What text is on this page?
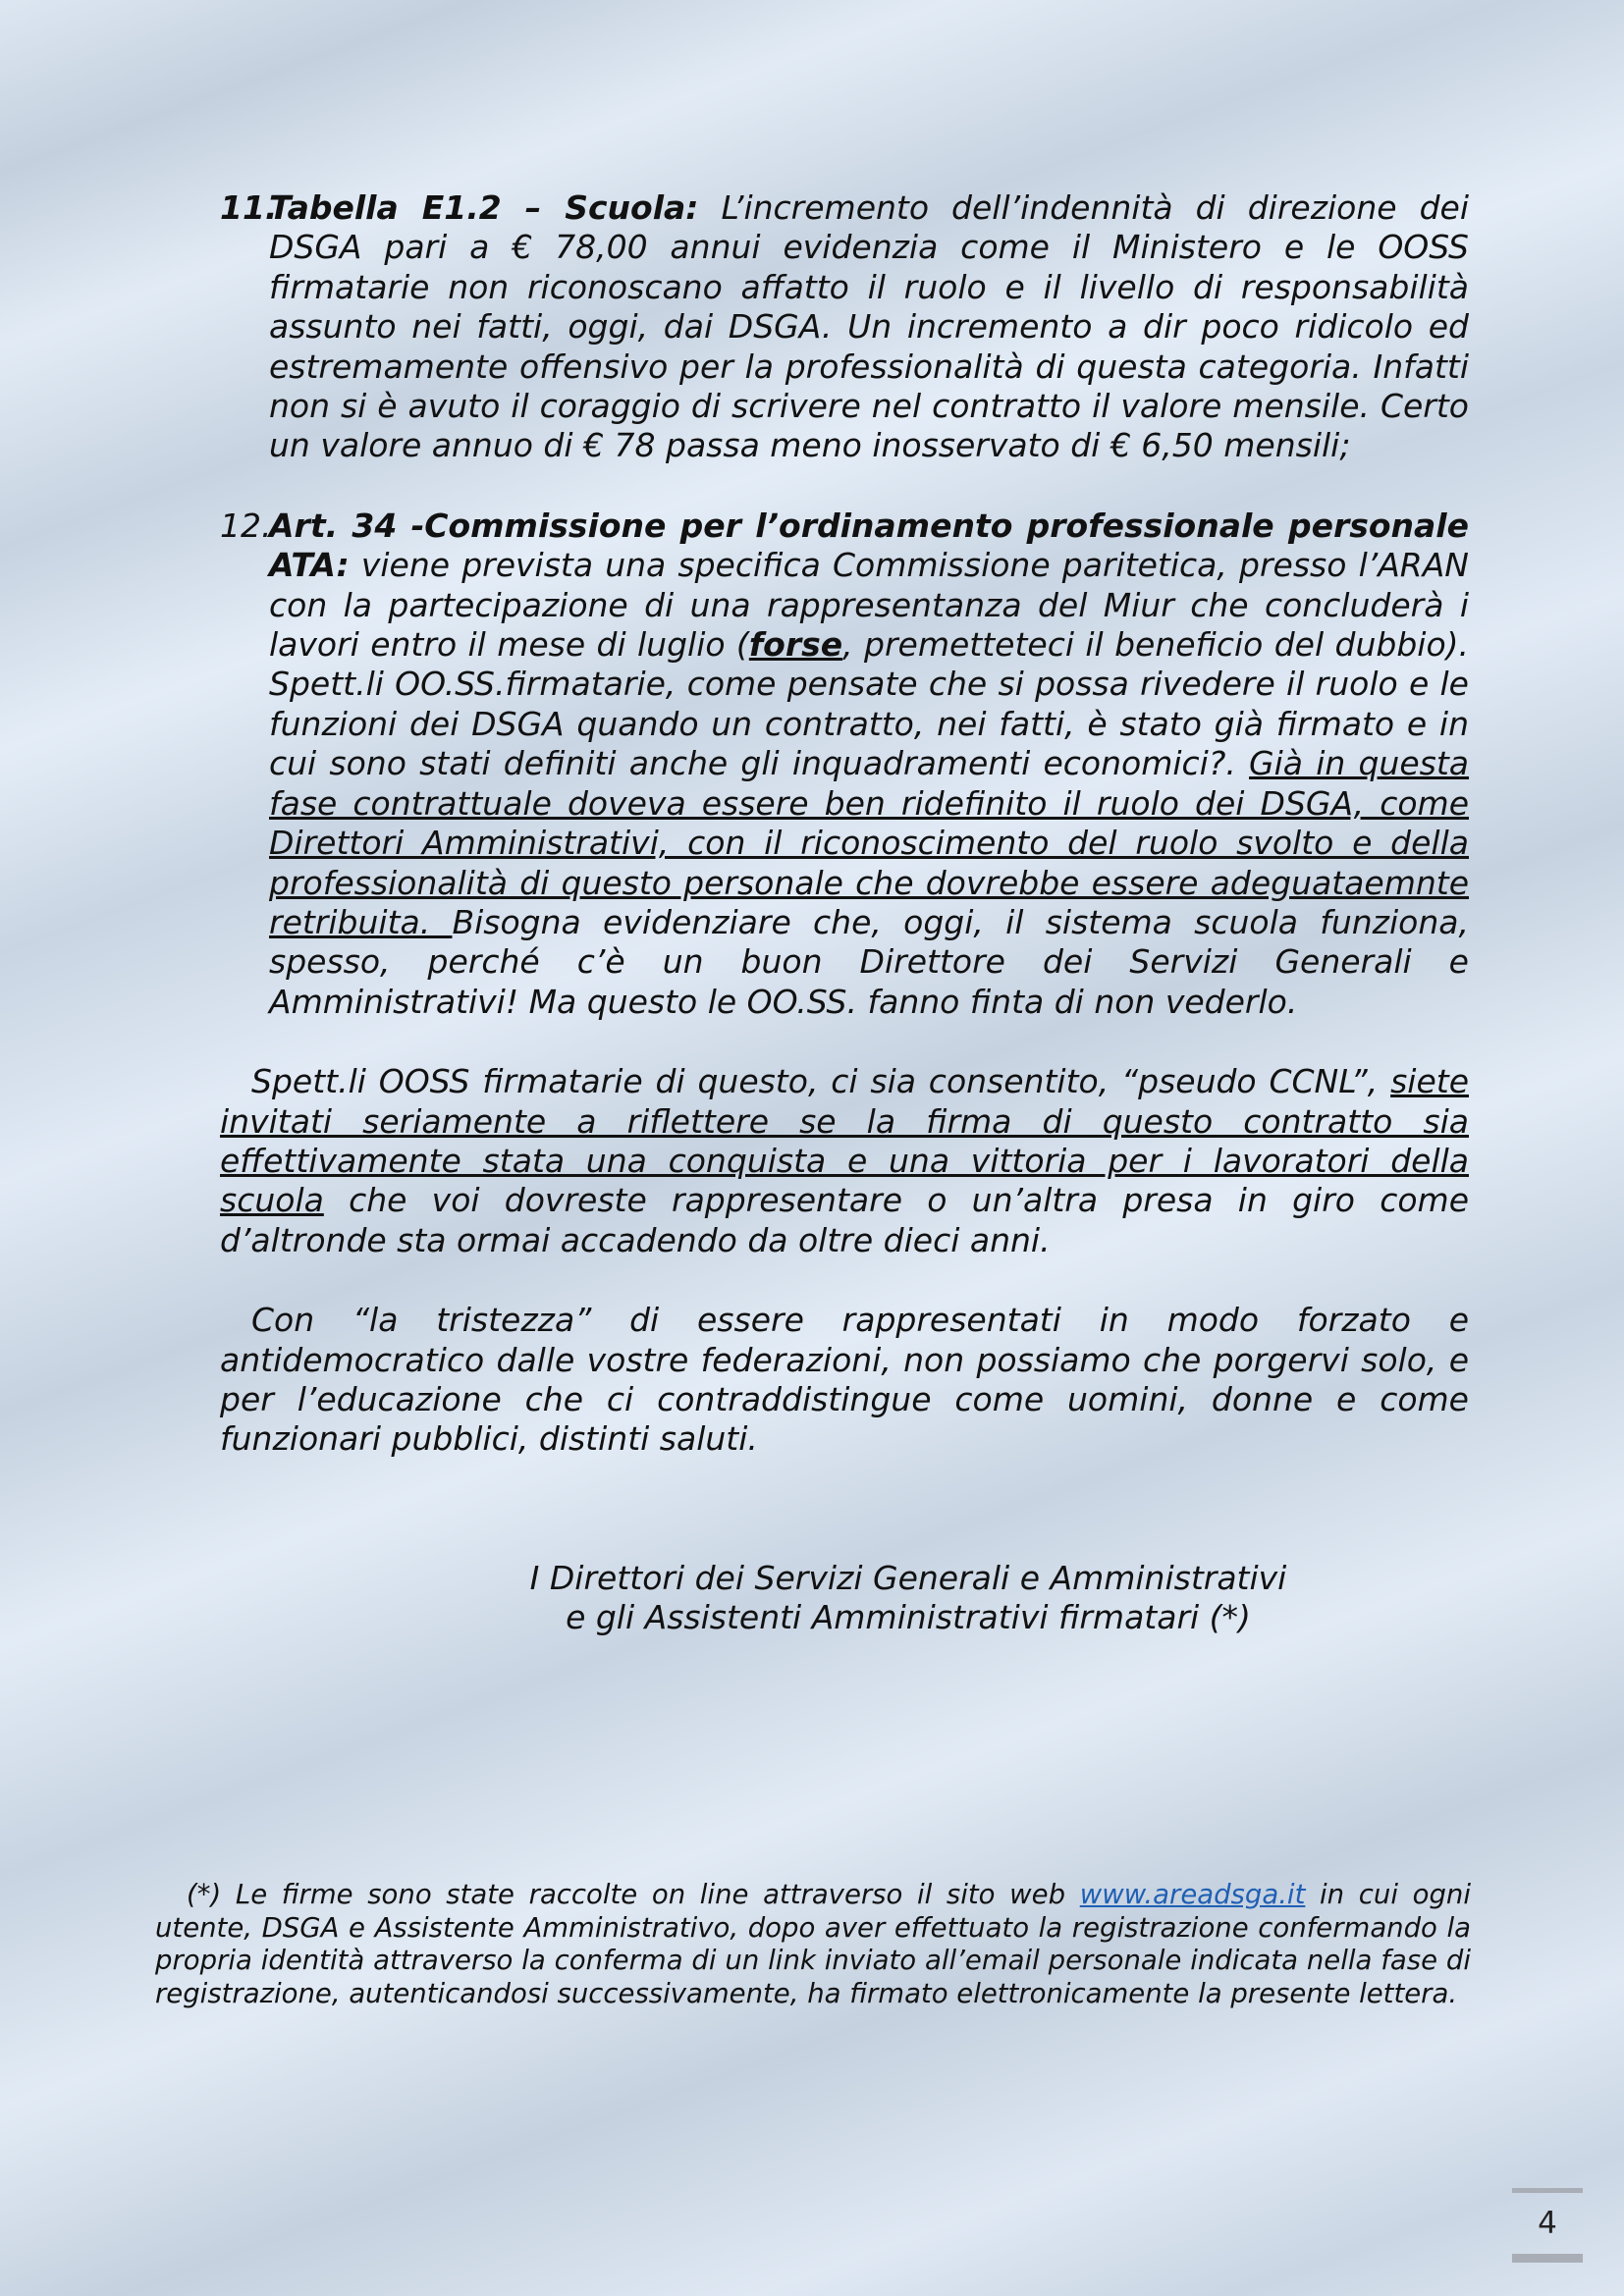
11.
Tabella E1.2 – Scuola: L’incremento dell’indennità di direzione dei DSGA pari a € 78,00 annui evidenzia come il Ministero e le OOSS firmatarie non riconoscano affatto il ruolo e il livello di responsabilità assunto nei fatti, oggi, dai DSGA. Un incremento a dir poco ridicolo ed estremamente offensivo per la professionalità di questa categoria. Infatti non si è avuto il coraggio di scrivere nel contratto il valore mensile. Certo un valore annuo di € 78 passa meno inosservato di € 6,50 mensili;
12.
Art. 34 -Commissione per l’ordinamento professionale personale ATA: viene prevista una specifica Commissione paritetica, presso l’ARAN con la partecipazione di una rappresentanza del Miur che concluderà i lavori entro il mese di luglio (forse, premetteteci il beneficio del dubbio). Spett.li OO.SS.firmatarie, come pensate che si possa rivedere il ruolo e le funzioni dei DSGA quando un contratto, nei fatti, è stato già firmato e in cui sono stati definiti anche gli inquadramenti economici?. Già in questa fase contrattuale doveva essere ben ridefinito il ruolo dei DSGA, come Direttori Amministrativi, con il riconoscimento del ruolo svolto e della professionalità di questo personale che dovrebbe essere adeguataemnte retribuita. Bisogna evidenziare che, oggi, il sistema scuola funziona, spesso, perché c’è un buon Direttore dei Servizi Generali e Amministrativi! Ma questo le OO.SS. fanno finta di non vederlo.

Spett.li OOSS firmatarie di questo, ci sia consentito, “pseudo CCNL”, siete invitati seriamente a riflettere se la firma di questo contratto sia effettivamente stata una conquista e una vittoria per i lavoratori della scuola che voi dovreste rappresentare o un’altra presa in giro come d’altronde sta ormai accadendo da oltre dieci anni.

Con “la tristezza” di essere rappresentati in modo forzato e antidemocratico dalle vostre federazioni, non possiamo che porgervi solo, e per l’educazione che ci contraddistingue come uomini, donne e come funzionari pubblici, distinti saluti.

I Direttori dei Servizi Generali e Amministrativi
e gli Assistenti Amministrativi firmatari (*)

(*) Le firme sono state raccolte on line attraverso il sito web www.areadsga.it in cui ogni utente, DSGA e Assistente Amministrativo, dopo aver effettuato la registrazione confermando la propria identità attraverso la conferma di un link inviato all’email personale indicata nella fase di registrazione, autenticandosi successivamente, ha firmato elettronicamente la presente lettera.

4
